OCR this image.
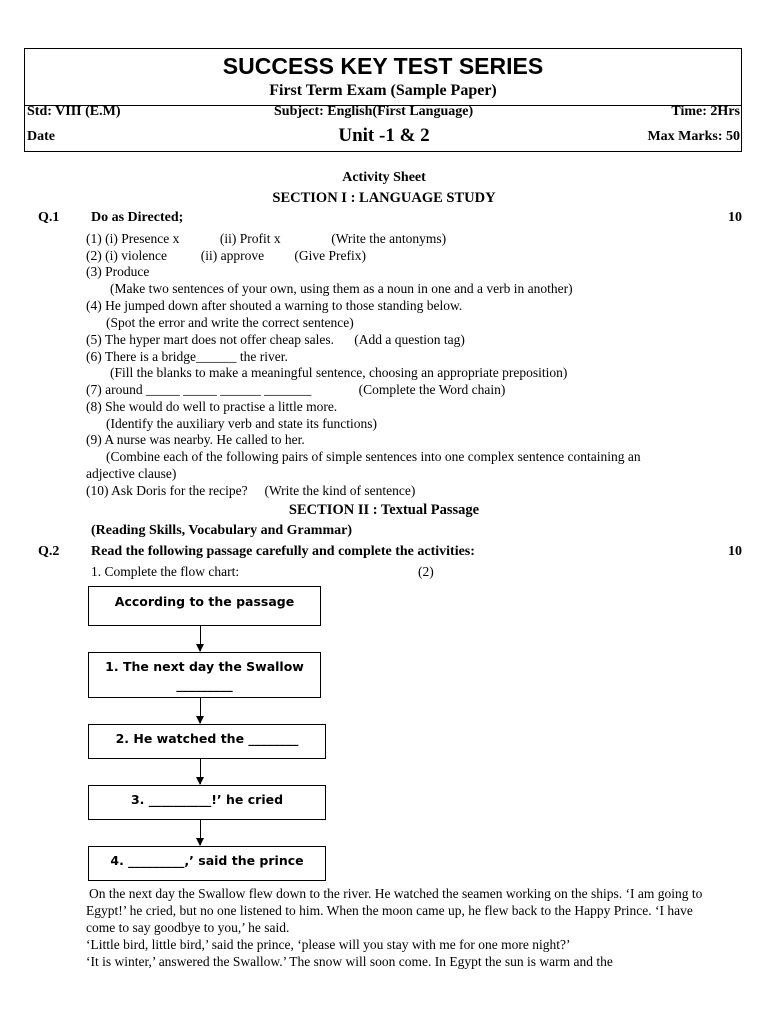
SUCCESS KEY TEST SERIES
First Term Exam (Sample Paper)
Std: VIII (E.M)	Subject: English(First Language)	Time: 2Hrs
Date	Unit -1 & 2	Max Marks: 50
Activity Sheet
SECTION I : LANGUAGE STUDY
Q.1 Do as Directed;	10
(1) (i) Presence x            (ii) Profit x               (Write the antonyms)
(2) (i) violence          (ii) approve         (Give Prefix)
(3) Produce
(Make two sentences of your own, using them as a noun in one and a verb in another)
(4) He jumped down after shouted a warning to those standing below.
(Spot the error and write the correct sentence)
(5) The hyper mart does not offer cheap sales.      (Add a question tag)
(6) There is a bridge______ the river.
(Fill the blanks to make a meaningful sentence, choosing an appropriate preposition)
(7) around _____ _____ ______ _______              (Complete the Word chain)
(8) She would do well to practise a little more.
(Identify the auxiliary verb and state its functions)
(9) A nurse was nearby. He called to her.
(Combine each of the following pairs of simple sentences into one complex sentence containing an
adjective clause)
(10) Ask Doris for the recipe?     (Write the kind of sentence)
SECTION II : Textual Passage
(Reading Skills, Vocabulary and Grammar)
Q.2 Read the following passage carefully and complete the activities:	10
1. Complete the flow chart:	(2)
According to the passage
1. The next day the Swallow
_________
2. He watched the ________
3. __________!’ he cried
4. _________,’ said the prince

On the next day the Swallow flew down to the river. He watched the seamen working on the ships. ‘I am going to Egypt!’ he cried, but no one listened to him. When the moon came up, he flew back to the Happy Prince. ‘I have come to say goodbye to you,’ he said.

‘Little bird, little bird,’ said the prince, ‘please will you stay with me for one more night?’

‘It is winter,’ answered the Swallow.’ The snow will soon come. In Egypt the sun is warm and the
